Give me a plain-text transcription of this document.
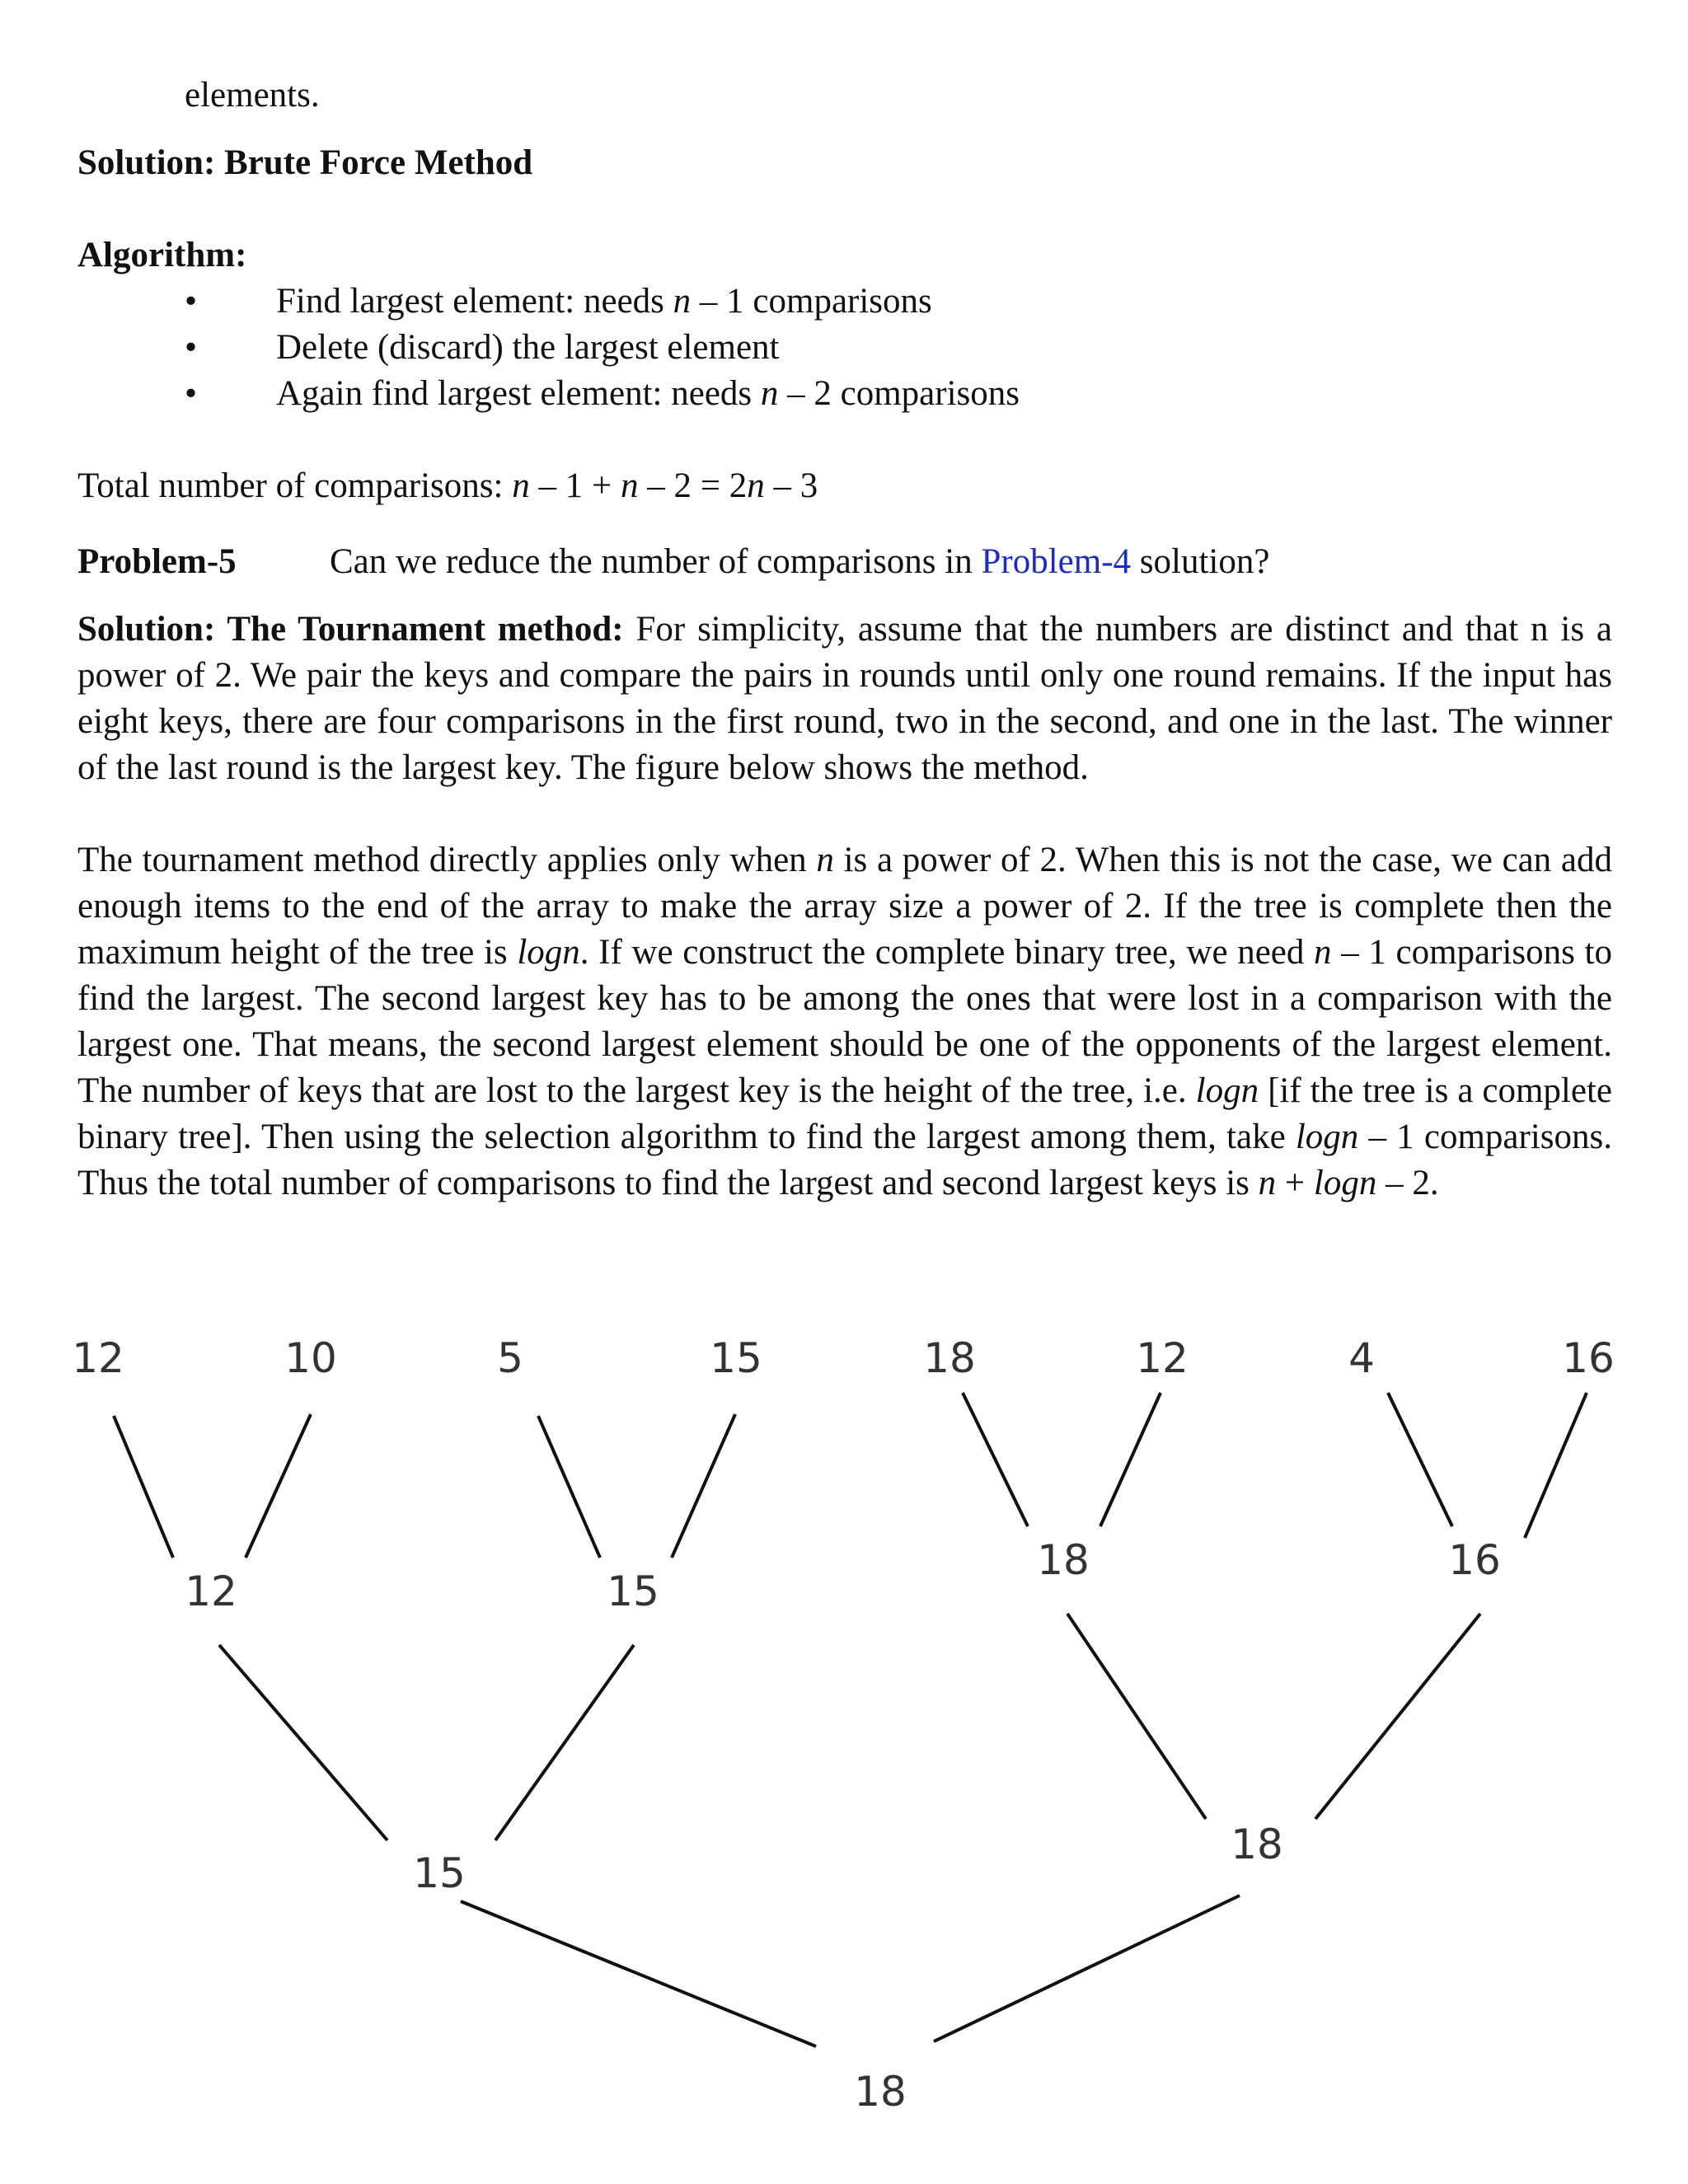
elements.
Solution: Brute Force Method
Algorithm:
• Find largest element: needs n – 1 comparisons
• Delete (discard) the largest element
• Again find largest element: needs n – 2 comparisons
Total number of comparisons: n – 1 + n – 2 = 2n – 3
Problem-5	Can we reduce the number of comparisons in Problem-4 solution?
Solution: The Tournament method: For simplicity, assume that the numbers are distinct and that n is a power of 2. We pair the keys and compare the pairs in rounds until only one round remains. If the input has eight keys, there are four comparisons in the first round, two in the second, and one in the last. The winner of the last round is the largest key. The figure below shows the method.
The tournament method directly applies only when n is a power of 2. When this is not the case, we can add enough items to the end of the array to make the array size a power of 2. If the tree is complete then the maximum height of the tree is logn. If we construct the complete binary tree, we need n – 1 comparisons to find the largest. The second largest key has to be among the ones that were lost in a comparison with the largest one. That means, the second largest element should be one of the opponents of the largest element. The number of keys that are lost to the largest key is the height of the tree, i.e. logn [if the tree is a complete binary tree]. Then using the selection algorithm to find the largest among them, take logn – 1 comparisons. Thus the total number of comparisons to find the largest and second largest keys is n + logn – 2.
12	10	5	15	18	12	4	16
12	15
18	16
15
18
18
